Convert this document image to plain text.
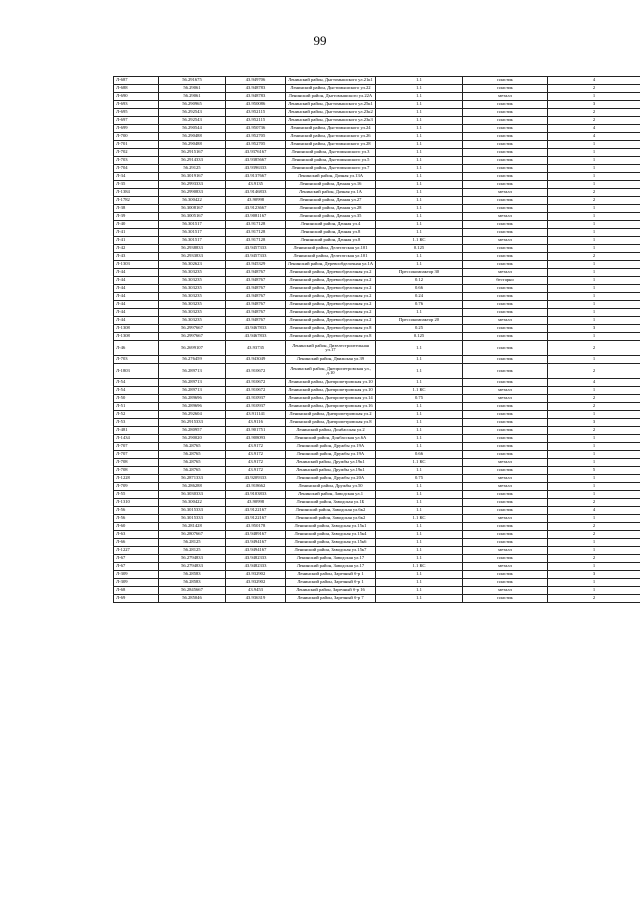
99
Л-687	56.291675	43.949706	Ленинский район, Дыгтомышского ул.21к1	1.1	пластик	4
Л-688	56.29061	43.948783	Ленинский район, Дыгтомышского ул.22	1.1	пластик	2
Л-690	56.29061	43.948783	Ленинский район, Дыгтомышского ул.22А	1.1	металл	1
Л-693	56.290965	43.950086	Ленинский район, Дыгтомышского ул.25к1	1.1	пластик	3
Л-695	56.292543	43.952115	Ленинский район, Дыгтомышского ул.23к2	1.1	пластик	2
Л-697	56.292543	43.952115	Ленинский район, Дыгтомышского ул.23к3	1.1	пластик	2
Л-699	56.290544	43.950736	Ленинский район, Дыгтомышского ул.24	1.1	пластик	4
Л-700	56.290488	43.952705	Ленинский район, Дыгтомышского ул.26	1.1	пластик	4
Л-701	56.290488	43.952705	Ленинский район, Дыгтомышского ул.28	1.1	пластик	1
Л-702	56.2915167	43.9376167	Ленинский район, Дыгтомышского ул.3	1.1	пластик	1
Л-703	56.2914333	43.9385667	Ленинский район, Дыгтомышского ул.5	1.1	пластик	1
Л-704	56.29125	43.9396333	Ленинский район, Дыгтомышского ул.7	1.1	пластик	1
Л-34	56.3019167	43.9137667	Ленинский район, Дачная ул.13А	1.1	пластик	1
Л-35	56.2993333	43.9135	Ленинский район, Дачная ул.16	1.1	пластик	1
Л-1384	56.2990833	43.9146833	Ленинский район, Дачная ул.1А	1.1	металл	2
Л-1782	56.300422	43.90998	Ленинский район, Дачная ул.27	1.1	пластик	2
Л-38	56.3008167	43.9123667	Ленинский район, Дачная ул.28	1.1	пластик	1
Л-39	56.3005167	43.9081167	Ленинский район, Дачная ул.35	1.1	металл	1
Л-40	56.301517	43.917128	Ленинский район, Дачная ул.4	1.1	пластик	1
Л-41	56.301517	43.917128	Ленинский район, Дачная ул.8	1.1	пластик	1
Л-41	56.301517	43.917128	Ленинский район, Дачная ул.8	1.1 КС	металл	1
Л-42	56.2938833	43.9457333	Ленинский район, Делегатская ул.101	0.125	пластик	1
Л-43	56.2933833	43.9457333	Ленинский район, Делегатская ул.101	1.1	пластик	2
Л-1303	56.302623	43.945329	Ленинский район, Деревообделочная ул.1А	1.1	пластик	1
Л-44	56.303235	43.948767	Ленинский район, Деревообделочная ул.2	Прессокомпактор 30	металл	1
Л-44	56.303235	43.948767	Ленинский район, Деревообделочная ул.2	0.12	бестарно	1
Л-44	56.303235	43.948767	Ленинский район, Деревообделочная ул.2	0.66	пластик	1
Л-44	56.303235	43.948767	Ленинский район, Деревообделочная ул.2	0.24	пластик	1
Л-44	56.303235	43.948767	Ленинский район, Деревообделочная ул.2	0.76	пластик	1
Л-44	56.303235	43.948767	Ленинский район, Деревообделочная ул.2	1.1	пластик	1
Л-44	56.303235	43.948767	Ленинский район, Деревообделочная ул.2	Прессокомпактор 20	металл	1
Л-1308	56.2997667	43.9467833	Ленинский район, Деревообделочная ул.8	0.25	пластик	3
Л-1308	56.2997667	43.9467833	Ленинский район, Деревообделочная ул.8	0.125	пластик	1
Л-46	56.2699107	43.93735	Ленинский район, Дизелестроительная ул.17	1.1	пластик	2
Л-703	56.276459	43.943049	Ленинский район, Движская ул.39	1.1	пластик	1
Л-1803	56.289713	43.910672	Ленинский район, Днепропетровская ул., д.10	1.1	пластик	2
Л-54	56.289713	43.910672	Ленинский район, Днепропетровская ул.10	1.1	пластик	4
Л-54	56.289713	43.910672	Ленинский район, Днепропетровская ул.10	1.1 КС	металл	1
Л-50	56.289696	43.910937	Ленинский район, Днепропетровская ул.14	0.75	металл	2
Л-51	56.289696	43.910937	Ленинский район, Днепропетровская ул.16	1.1	пластик	2
Л-52	56.292604	43.911141	Ленинский район, Днепропетровская ул.2	1.1	пластик	1
Л-53	56.2915333	43.9116	Ленинский район, Днепропетровская ул.8	1.1	пластик	3
Л-481	56.280957	43.901751	Ленинский район, Донбасская ул.2	1.1	пластик	2
Л-1434	56.290020	43.908093	Ленинский район, Донбасская ул.6А	1.1	пластик	1
Л-707	56.28765	43.9172	Ленинский район, Дружбы ул.19А	1.1	пластик	1
Л-707	56.28765	43.9172	Ленинский район, Дружбы ул.19А	0.66	пластик	1
Л-708	56.28765	43.9172	Ленинский район, Дружбы ул.19к1	1.1 КС	металл	1
Л-708	56.28765	43.9172	Ленинский район, Дружбы ул.19к1	1.1	пластик	5
Л-1228	56.2871333	43.9209333	Ленинский район, Дружбы ул.20А	0.75	металл	1
Л-709	56.286288	43.918662	Ленинский район, Дружбы ул.50	1.1	металл	1
Л-55	56.3030333	43.9103833	Ленинский район, Заводская ул.1	1.1	пластик	1
Л-1310	56.300422	43.90998	Ленинский район, Заводская ул.1Б	1.1	пластик	2
Л-56	56.3015333	43.9122167	Ленинский район, Заводская ул.6к2	1.1	пластик	4
Л-56	56.3015333	43.9122167	Ленинский район, Заводская ул.6к2	1.1 КС	металл	1
Л-60	56.281428	43.950178	Ленинский район, Заводская ул.15к1	1.1	пластик	2
Л-63	56.2807667	43.9489167	Ленинский район, Заводская ул.15к4	1.1	пластик	2
Л-66	56.28125	43.9494167	Ленинский район, Заводская ул.15к6	1.1	пластик	1
Л-1227	56.28125	43.9494167	Ленинский район, Заводская ул.15к7	1.1	металл	1
Л-67	56.2794833	43.9482333	Ленинский район, Заводская ул.17	1.1	пластик	2
Л-67	56.2794833	43.9482333	Ленинский район, Заводская ул.17	1.1 КС	металл	1
Л-309	56.28583	43.932902	Ленинский район, Заречный б-р 1	1.1	пластик	3
Л-309	56.28583	43.932902	Ленинский район, Заречный б-р 1	1.1	пластик	1
Л-68	56.2845667	43.9453	Ленинский район, Заречный б-р 16	1.1	металл	1
Л-69	56.285046	43.936319	Ленинский район, Заречный б-р 7	1.1	пластик	2
